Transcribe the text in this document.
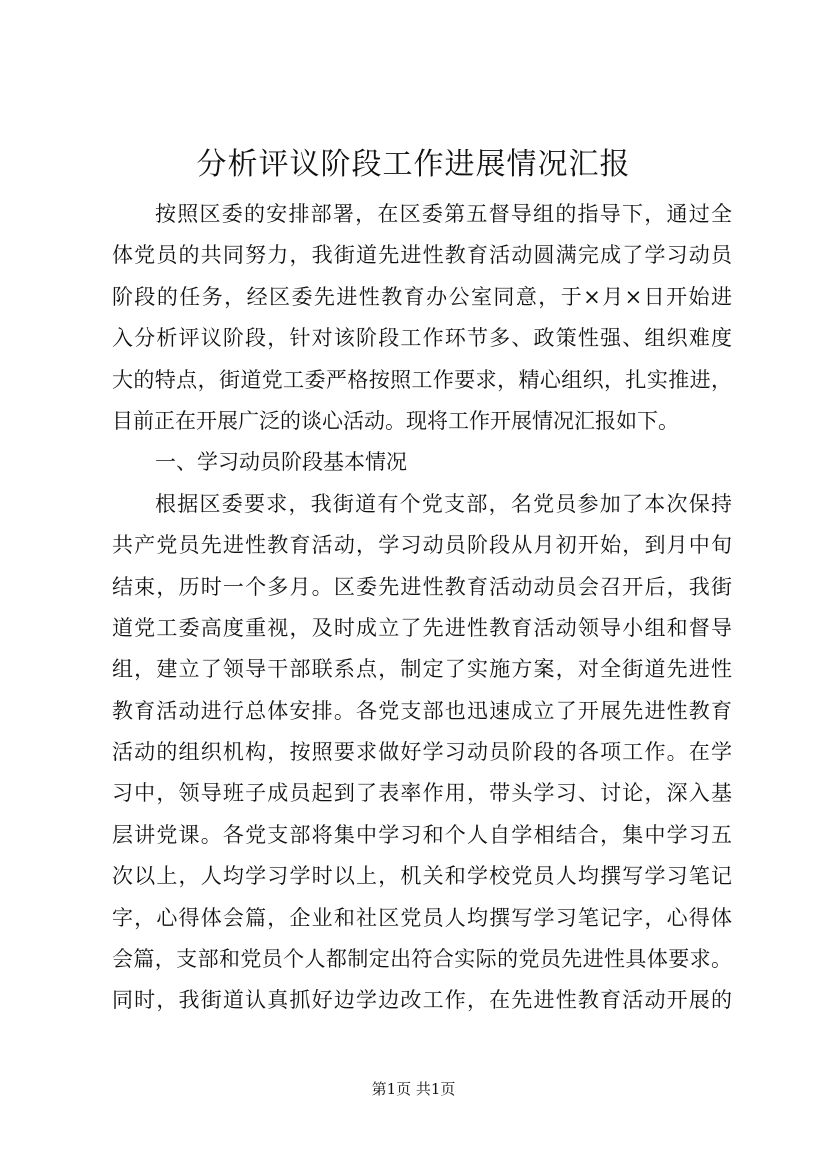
分析评议阶段工作进展情况汇报
按照区委的安排部署，在区委第五督导组的指导下，通过全
体党员的共同努力，我街道先进性教育活动圆满完成了学习动员
阶段的任务，经区委先进性教育办公室同意，于×月×日开始进
入分析评议阶段，针对该阶段工作环节多、政策性强、组织难度
大的特点，街道党工委严格按照工作要求，精心组织，扎实推进，
目前正在开展广泛的谈心活动。现将工作开展情况汇报如下。
一、学习动员阶段基本情况
根据区委要求，我街道有个党支部，名党员参加了本次保持
共产党员先进性教育活动，学习动员阶段从月初开始，到月中旬
结束，历时一个多月。区委先进性教育活动动员会召开后，我街
道党工委高度重视，及时成立了先进性教育活动领导小组和督导
组，建立了领导干部联系点，制定了实施方案，对全街道先进性
教育活动进行总体安排。各党支部也迅速成立了开展先进性教育
活动的组织机构，按照要求做好学习动员阶段的各项工作。在学
习中，领导班子成员起到了表率作用，带头学习、讨论，深入基
层讲党课。各党支部将集中学习和个人自学相结合，集中学习五
次以上，人均学习学时以上，机关和学校党员人均撰写学习笔记
字，心得体会篇，企业和社区党员人均撰写学习笔记字，心得体
会篇，支部和党员个人都制定出符合实际的党员先进性具体要求。
同时，我街道认真抓好边学边改工作，在先进性教育活动开展的
第1页 共1页
